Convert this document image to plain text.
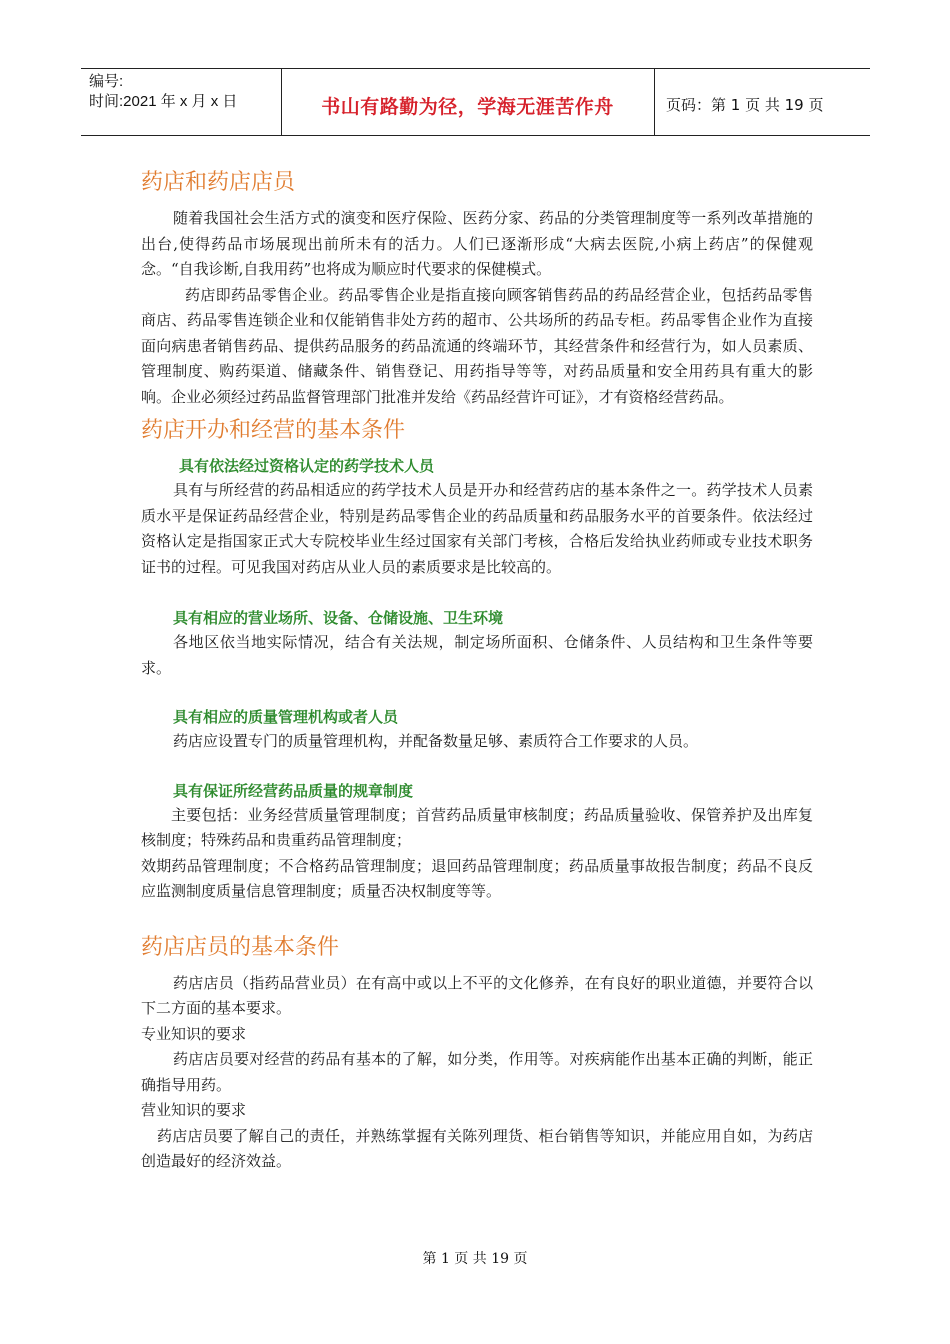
编号:
时间:2021 年 x 月 x 日	书山有路勤为径，学海无涯苦作舟	页码：第 1 页 共 19 页
药店和药店店员

随着我国社会生活方式的演变和医疗保险、医药分家、药品的分类管理制度等一系列改革措施的出台,使得药品市场展现出前所未有的活力。人们已逐渐形成“大病去医院,小病上药店”的保健观念。“自我诊断,自我用药”也将成为顺应时代要求的保健模式。

药店即药品零售企业。药品零售企业是指直接向顾客销售药品的药品经营企业，包括药品零售商店、药品零售连锁企业和仅能销售非处方药的超市、公共场所的药品专柜。药品零售企业作为直接面向病患者销售药品、提供药品服务的药品流通的终端环节，其经营条件和经营行为，如人员素质、管理制度、购药渠道、储藏条件、销售登记、用药指导等等，对药品质量和安全用药具有重大的影响。企业必须经过药品监督管理部门批准并发给《药品经营许可证》，才有资格经营药品。

药店开办和经营的基本条件

具有依法经过资格认定的药学技术人员

具有与所经营的药品相适应的药学技术人员是开办和经营药店的基本条件之一。药学技术人员素质水平是保证药品经营企业，特别是药品零售企业的药品质量和药品服务水平的首要条件。依法经过资格认定是指国家正式大专院校毕业生经过国家有关部门考核，合格后发给执业药师或专业技术职务证书的过程。可见我国对药店从业人员的素质要求是比较高的。

具有相应的营业场所、设备、仓储设施、卫生环境

各地区依当地实际情况，结合有关法规，制定场所面积、仓储条件、人员结构和卫生条件等要求。

具有相应的质量管理机构或者人员

药店应设置专门的质量管理机构，并配备数量足够、素质符合工作要求的人员。

具有保证所经营药品质量的规章制度

主要包括：业务经营质量管理制度；首营药品质量审核制度；药品质量验收、保管养护及出库复核制度；特殊药品和贵重药品管理制度；

效期药品管理制度；不合格药品管理制度；退回药品管理制度；药品质量事故报告制度；药品不良反应监测制度质量信息管理制度；质量否决权制度等等。

药店店员的基本条件

药店店员（指药品营业员）在有高中或以上不平的文化修养，在有良好的职业道德，并要符合以下二方面的基本要求。

专业知识的要求

药店店员要对经营的药品有基本的了解，如分类，作用等。对疾病能作出基本正确的判断，能正确指导用药。

营业知识的要求

药店店员要了解自己的责任，并熟练掌握有关陈列理货、柜台销售等知识，并能应用自如，为药店创造最好的经济效益。

第 1 页 共 19 页
